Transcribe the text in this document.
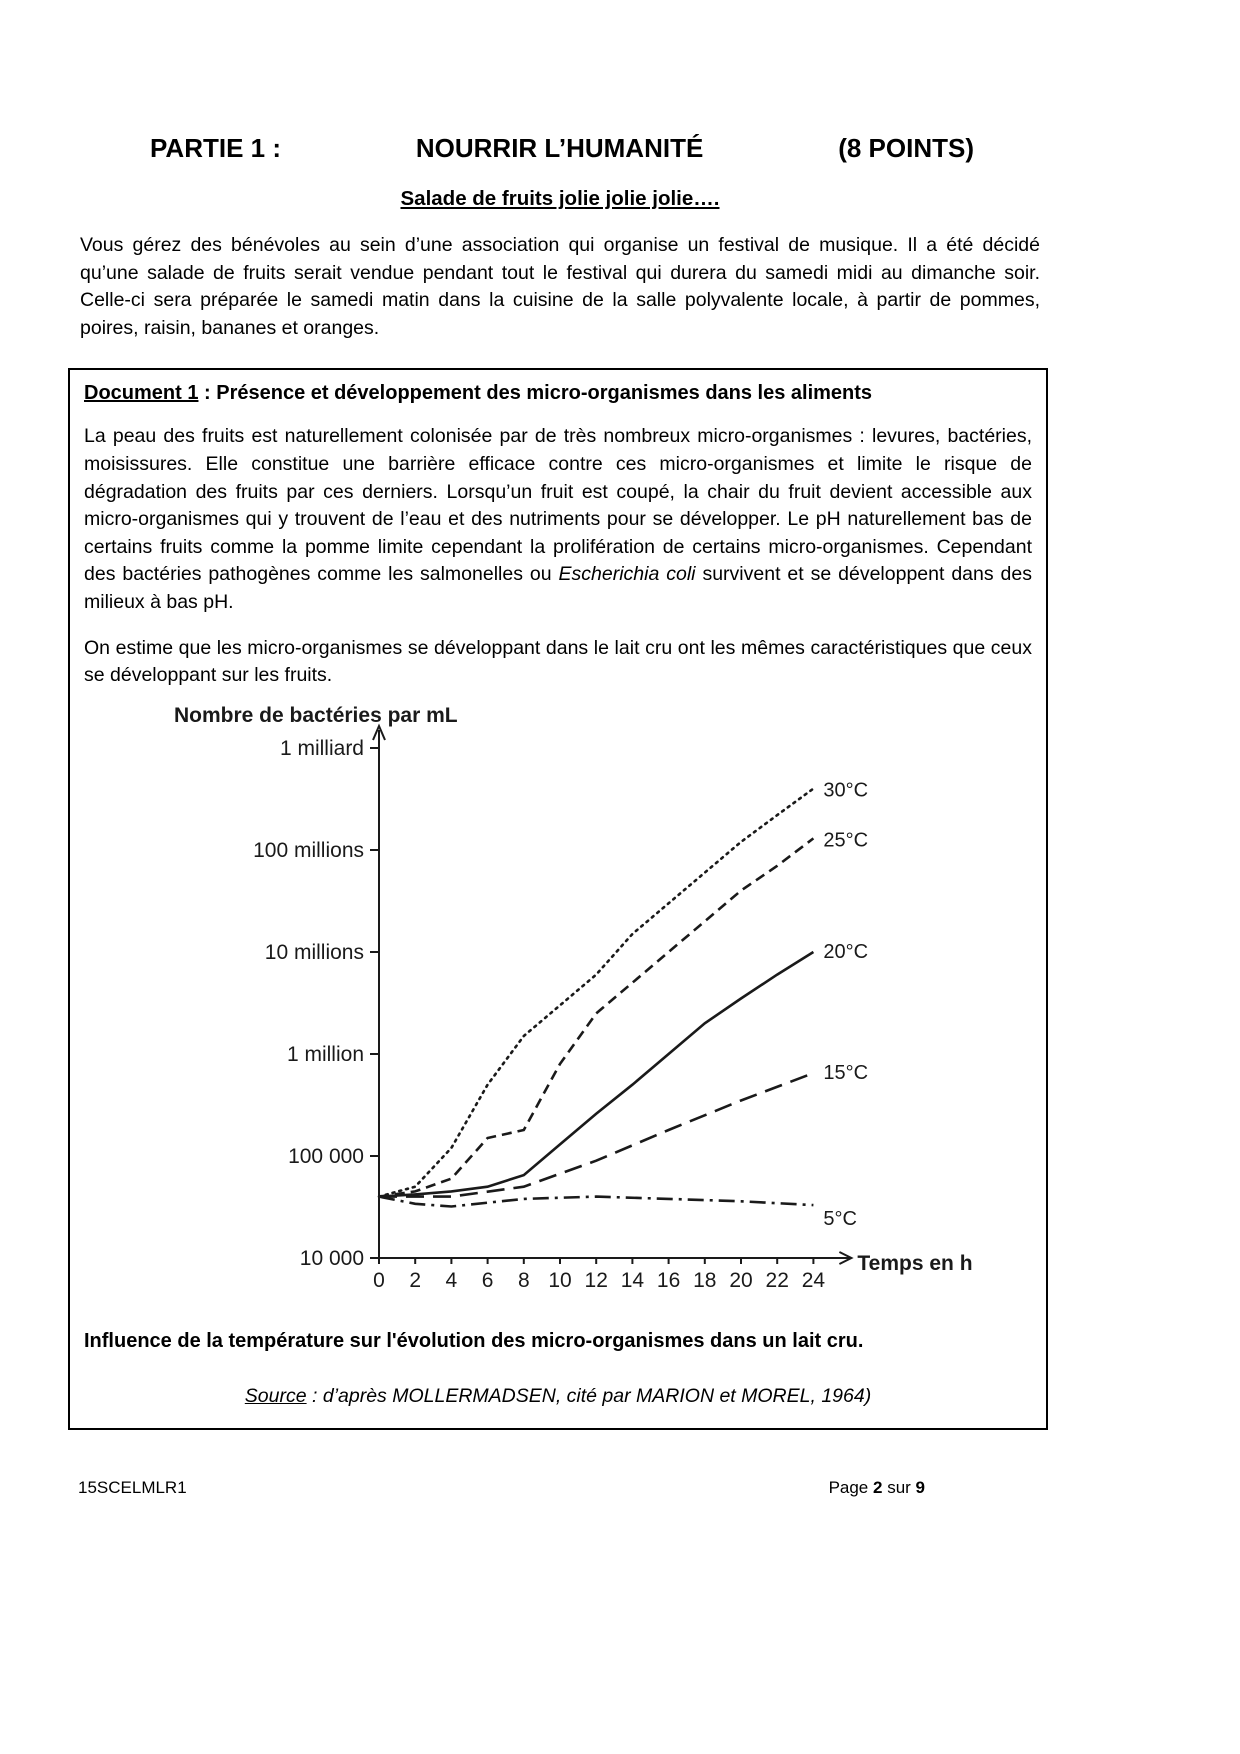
PARTIE 1 :	NOURRIR L’HUMANITÉ	(8 POINTS)
Salade de fruits jolie jolie jolie….

Vous gérez des bénévoles au sein d’une association qui organise un festival de musique. Il a été décidé qu’une salade de fruits serait vendue pendant tout le festival qui durera du samedi midi au dimanche soir. Celle-ci sera préparée le samedi matin dans la cuisine de la salle polyvalente locale, à partir de pommes, poires, raisin, bananes et oranges.

Document 1 : Présence et développement des micro-organismes dans les aliments

La peau des fruits est naturellement colonisée par de très nombreux micro-organismes : levures, bactéries, moisissures. Elle constitue une barrière efficace contre ces micro-organismes et limite le risque de dégradation des fruits par ces derniers. Lorsqu’un fruit est coupé, la chair du fruit devient accessible aux micro-organismes qui y trouvent de l’eau et des nutriments pour se développer. Le pH naturellement bas de certains fruits comme la pomme limite cependant la prolifération de certains micro-organismes. Cependant des bactéries pathogènes comme les salmonelles ou Escherichia coli survivent et se développent dans des milieux à bas pH.

On estime que les micro-organismes se développant dans le lait cru ont les mêmes caractéristiques que ceux se développant sur les fruits.

Nombre de bactéries par mL
10 000
100 000
1 million
10 millions
100 millions
1 milliard
0 2 4 6 8 10 12 14 16 18 20 22 24
Temps en h
30°C
25°C
20°C
15°C
5°C
Influence de la température sur l'évolution des micro-organismes dans un lait cru.
Source : d’après MOLLERMADSEN, cité par MARION et MOREL, 1964)
15SCELMLR1	Page 2 sur 9
